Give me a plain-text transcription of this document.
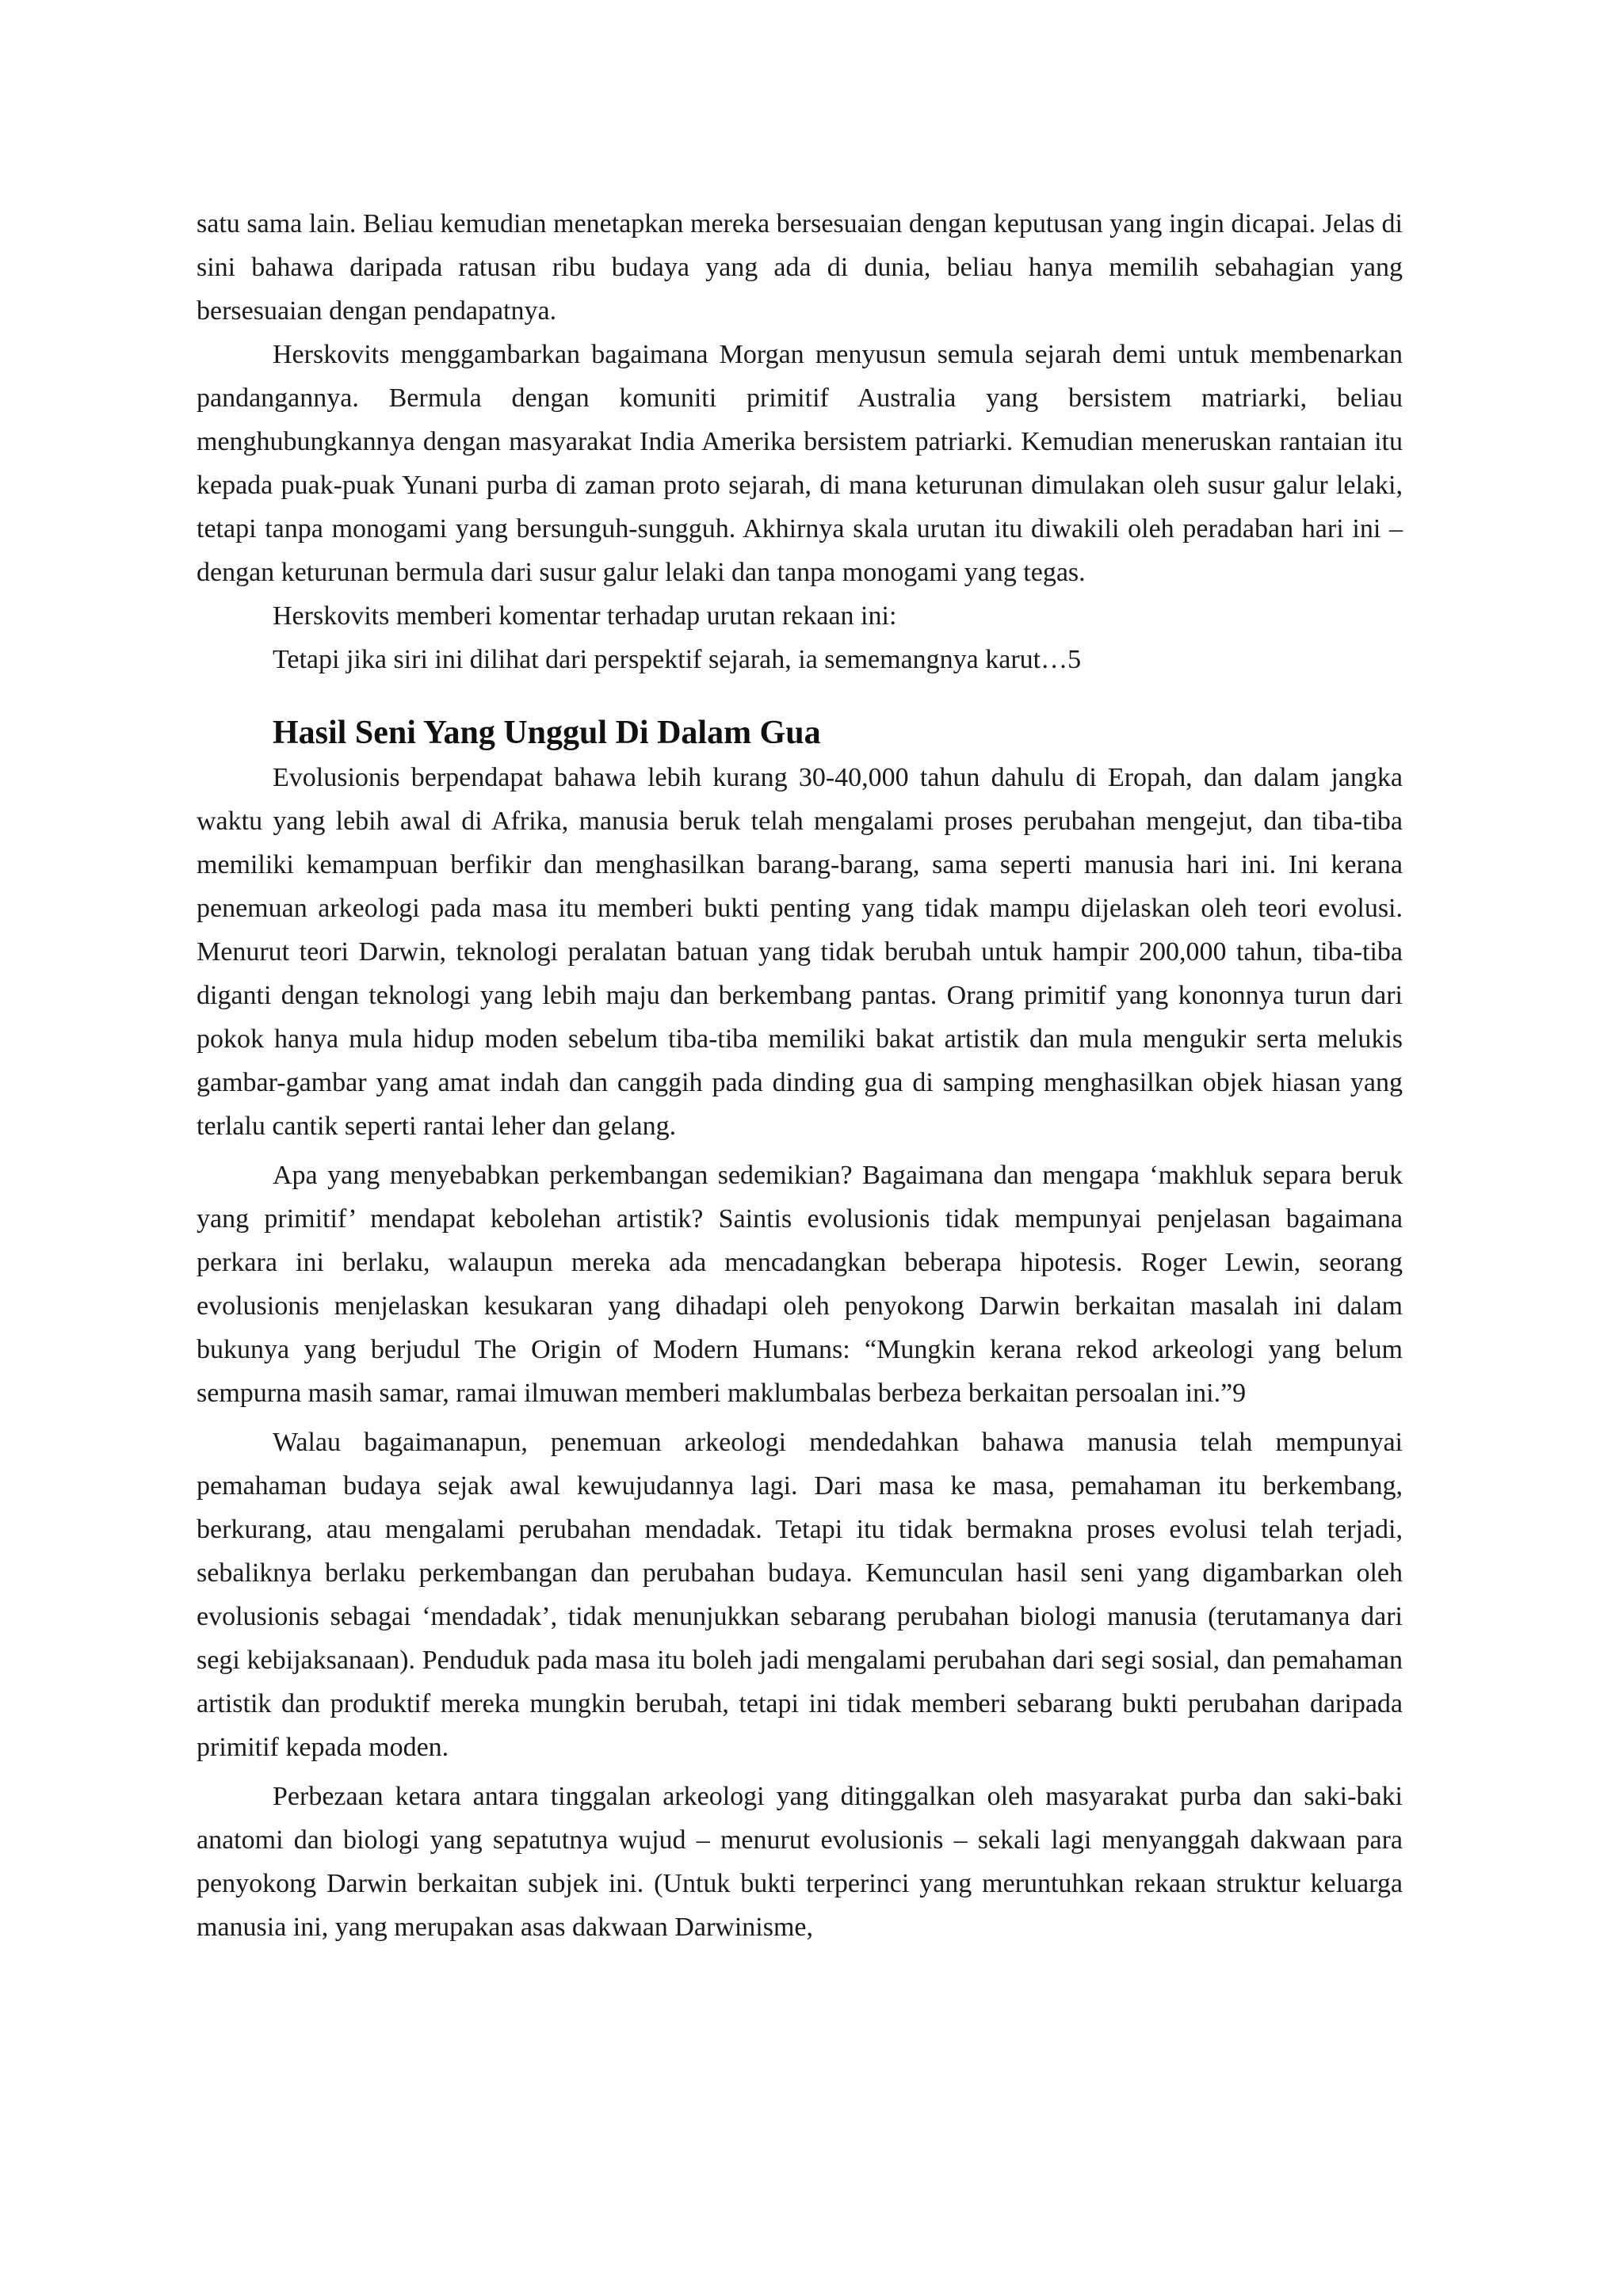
satu sama lain. Beliau kemudian menetapkan mereka bersesuaian dengan keputusan yang ingin dicapai. Jelas di sini bahawa daripada ratusan ribu budaya yang ada di dunia, beliau hanya memilih sebahagian yang bersesuaian dengan pendapatnya.

Herskovits menggambarkan bagaimana Morgan menyusun semula sejarah demi untuk membenarkan pandangannya. Bermula dengan komuniti primitif Australia yang bersistem matriarki, beliau menghubungkannya dengan masyarakat India Amerika bersistem patriarki. Kemudian meneruskan rantaian itu kepada puak-puak Yunani purba di zaman proto sejarah, di mana keturunan dimulakan oleh susur galur lelaki, tetapi tanpa monogami yang bersunguh-sungguh. Akhirnya skala urutan itu diwakili oleh peradaban hari ini – dengan keturunan bermula dari susur galur lelaki dan tanpa monogami yang tegas.

Herskovits memberi komentar terhadap urutan rekaan ini:

Tetapi jika siri ini dilihat dari perspektif sejarah, ia sememangnya karut…5

Hasil Seni Yang Unggul Di Dalam Gua

Evolusionis berpendapat bahawa lebih kurang 30-40,000 tahun dahulu di Eropah, dan dalam jangka waktu yang lebih awal di Afrika, manusia beruk telah mengalami proses perubahan mengejut, dan tiba-tiba memiliki kemampuan berfikir dan menghasilkan barang-barang, sama seperti manusia hari ini. Ini kerana penemuan arkeologi pada masa itu memberi bukti penting yang tidak mampu dijelaskan oleh teori evolusi. Menurut teori Darwin, teknologi peralatan batuan yang tidak berubah untuk hampir 200,000 tahun, tiba-tiba diganti dengan teknologi yang lebih maju dan berkembang pantas. Orang primitif yang kononnya turun dari pokok hanya mula hidup moden sebelum tiba-tiba memiliki bakat artistik dan mula mengukir serta melukis gambar-gambar yang amat indah dan canggih pada dinding gua di samping menghasilkan objek hiasan yang terlalu cantik seperti rantai leher dan gelang.

Apa yang menyebabkan perkembangan sedemikian? Bagaimana dan mengapa ‘makhluk separa beruk yang primitif’ mendapat kebolehan artistik? Saintis evolusionis tidak mempunyai penjelasan bagaimana perkara ini berlaku, walaupun mereka ada mencadangkan beberapa hipotesis. Roger Lewin, seorang evolusionis menjelaskan kesukaran yang dihadapi oleh penyokong Darwin berkaitan masalah ini dalam bukunya yang berjudul The Origin of Modern Humans: “Mungkin kerana rekod arkeologi yang belum sempurna masih samar, ramai ilmuwan memberi maklumbalas berbeza berkaitan persoalan ini.”9

Walau bagaimanapun, penemuan arkeologi mendedahkan bahawa manusia telah mempunyai pemahaman budaya sejak awal kewujudannya lagi. Dari masa ke masa, pemahaman itu berkembang, berkurang, atau mengalami perubahan mendadak. Tetapi itu tidak bermakna proses evolusi telah terjadi, sebaliknya berlaku perkembangan dan perubahan budaya. Kemunculan hasil seni yang digambarkan oleh evolusionis sebagai ‘mendadak’, tidak menunjukkan sebarang perubahan biologi manusia (terutamanya dari segi kebijaksanaan). Penduduk pada masa itu boleh jadi mengalami perubahan dari segi sosial, dan pemahaman artistik dan produktif mereka mungkin berubah, tetapi ini tidak memberi sebarang bukti perubahan daripada primitif kepada moden.

Perbezaan ketara antara tinggalan arkeologi yang ditinggalkan oleh masyarakat purba dan saki-baki anatomi dan biologi yang sepatutnya wujud – menurut evolusionis – sekali lagi menyanggah dakwaan para penyokong Darwin berkaitan subjek ini. (Untuk bukti terperinci yang meruntuhkan rekaan struktur keluarga manusia ini, yang merupakan asas dakwaan Darwinisme,
